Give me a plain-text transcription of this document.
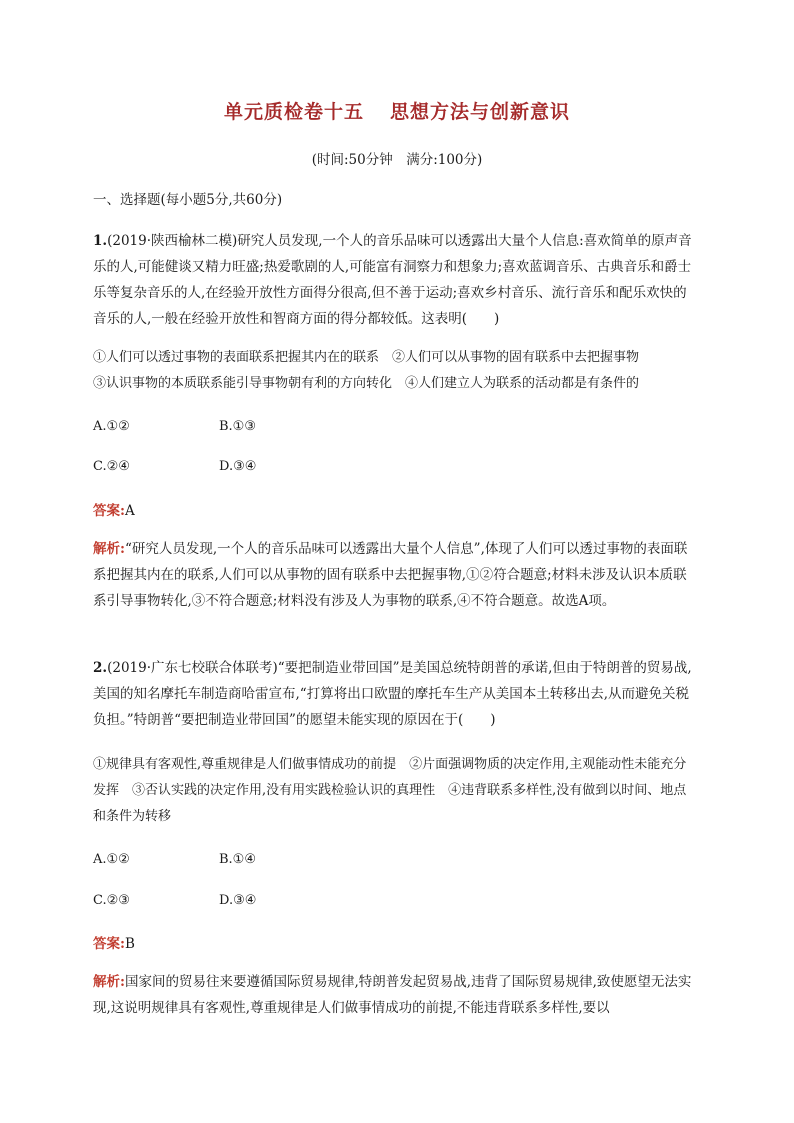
单元质检卷十五 思想方法与创新意识
(时间:50分钟　满分:100分)
一、选择题(每小题5分,共60分)
1.(2019·陕西榆林二模)研究人员发现,一个人的音乐品味可以透露出大量个人信息:喜欢简单的原声音乐的人,可能健谈又精力旺盛;热爱歌剧的人,可能富有洞察力和想象力;喜欢蓝调音乐、古典音乐和爵士乐等复杂音乐的人,在经验开放性方面得分很高,但不善于运动;喜欢乡村音乐、流行音乐和配乐欢快的音乐的人,一般在经验开放性和智商方面的得分都较低。这表明(　　)
①人们可以透过事物的表面联系把握其内在的联系　②人们可以从事物的固有联系中去把握事物
③认识事物的本质联系能引导事物朝有利的方向转化　④人们建立人为联系的活动都是有条件的
A.①②	B.①③
C.②④	D.③④
答案:A
解析:“研究人员发现,一个人的音乐品味可以透露出大量个人信息”,体现了人们可以透过事物的表面联系把握其内在的联系,人们可以从事物的固有联系中去把握事物,①②符合题意;材料未涉及认识本质联系引导事物转化,③不符合题意;材料没有涉及人为事物的联系,④不符合题意。故选A项。
2.(2019·广东七校联合体联考)“要把制造业带回国”是美国总统特朗普的承诺,但由于特朗普的贸易战,美国的知名摩托车制造商哈雷宣布,“打算将出口欧盟的摩托车生产从美国本土转移出去,从而避免关税负担。”特朗普“要把制造业带回国”的愿望未能实现的原因在于(　　)
①规律具有客观性,尊重规律是人们做事情成功的前提　②片面强调物质的决定作用,主观能动性未能充分发挥　③否认实践的决定作用,没有用实践检验认识的真理性　④违背联系多样性,没有做到以时间、地点和条件为转移
A.①②	B.①④
C.②③	D.③④
答案:B
解析:国家间的贸易往来要遵循国际贸易规律,特朗普发起贸易战,违背了国际贸易规律,致使愿望无法实现,这说明规律具有客观性,尊重规律是人们做事情成功的前提,不能违背联系多样性,要以
